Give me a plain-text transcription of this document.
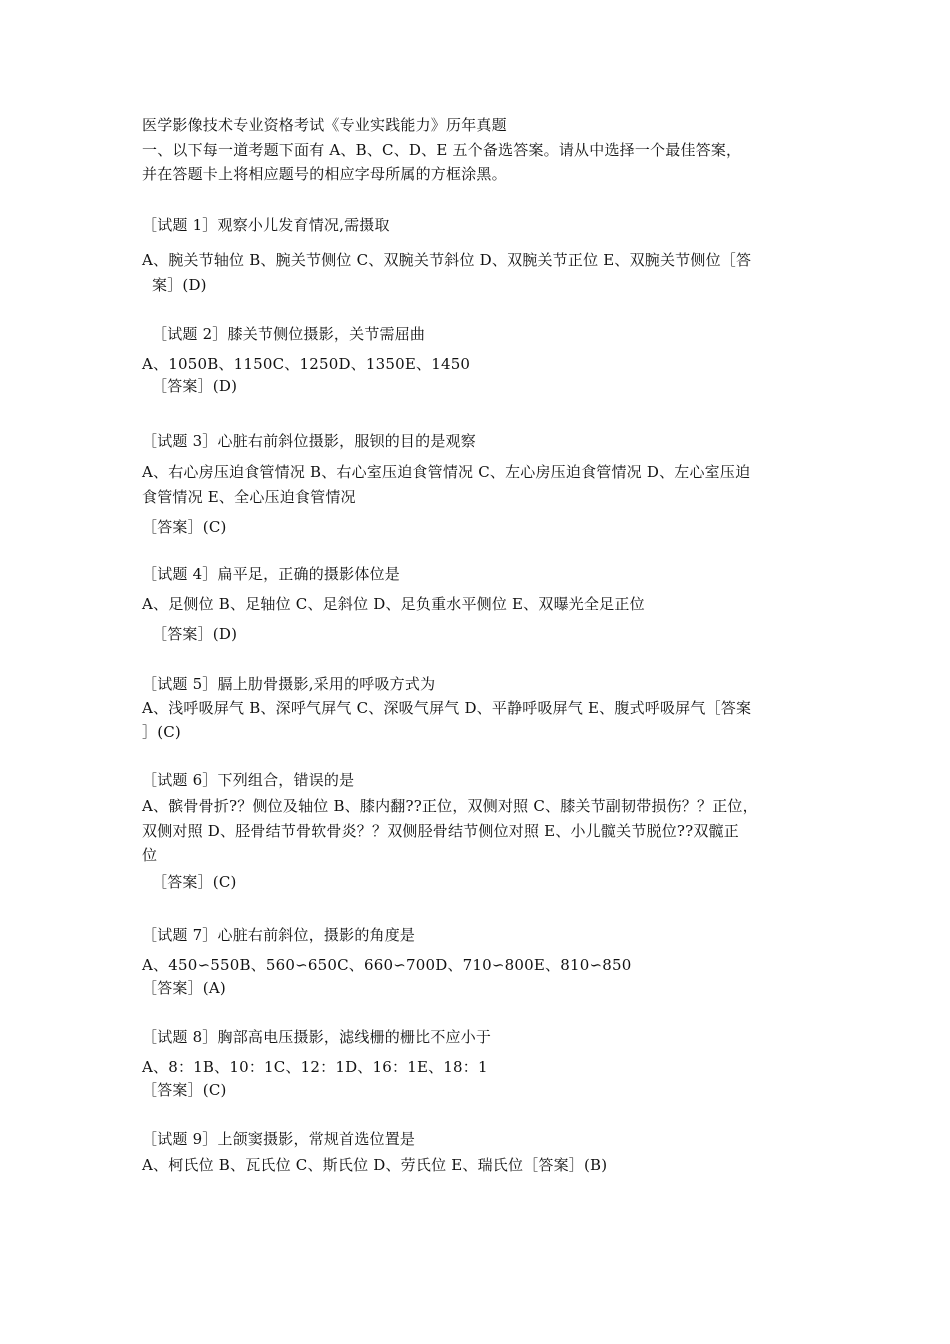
医学影像技术专业资格考试《专业实践能力》历年真题
一、以下每一道考题下面有 A、B、C、D、E 五个备选答案。请从中选择一个最佳答案，
并在答题卡上将相应题号的相应字母所属的方框涂黑。
［试题 1］观察小儿发育情况,需摄取
A、腕关节轴位 B、腕关节侧位 C、双腕关节斜位 D、双腕关节正位 E、双腕关节侧位［答
案］(D)
［试题 2］膝关节侧位摄影，关节需屈曲
A、1050B、1150C、1250D、1350E、1450
［答案］(D)
［试题 3］心脏右前斜位摄影，服钡的目的是观察
A、右心房压迫食管情况 B、右心室压迫食管情况 C、左心房压迫食管情况 D、左心室压迫
食管情况 E、全心压迫食管情况
［答案］(C)
［试题 4］扁平足，正确的摄影体位是
A、足侧位 B、足轴位 C、足斜位 D、足负重水平侧位 E、双曝光全足正位
［答案］(D)
［试题 5］膈上肋骨摄影,采用的呼吸方式为
A、浅呼吸屏气 B、深呼气屏气 C、深吸气屏气 D、平静呼吸屏气 E、腹式呼吸屏气［答案
］(C)
［试题 6］下列组合，错误的是
A、髌骨骨折?？侧位及轴位 B、膝内翻??正位，双侧对照 C、膝关节副韧带损伤？？正位，
双侧对照 D、胫骨结节骨软骨炎？？双侧胫骨结节侧位对照 E、小儿髋关节脱位??双髋正
位
［答案］(C)
［试题 7］心脏右前斜位，摄影的角度是
A、450∽550B、560∽650C、660∽700D、710∽800E、810∽850
［答案］(A)
［试题 8］胸部高电压摄影，滤线栅的栅比不应小于
A、8：1B、10：1C、12：1D、16：1E、18：1
［答案］(C)
［试题 9］上颌窦摄影，常规首选位置是
A、柯氏位 B、瓦氏位 C、斯氏位 D、劳氏位 E、瑞氏位［答案］(B)
